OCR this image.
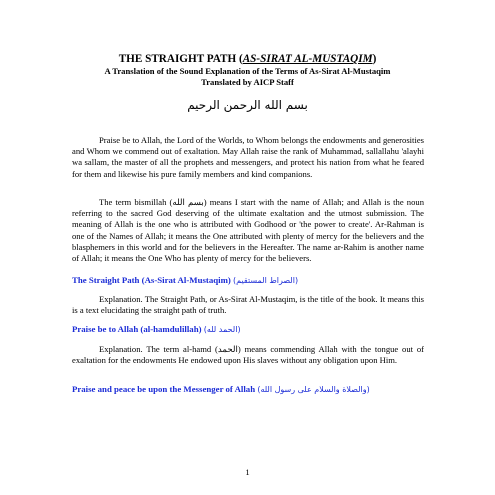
THE STRAIGHT PATH (AS-SIRAT AL-MUSTAQIM)
A Translation of the Sound Explanation of the Terms of As-Sirat Al-Mustaqim
Translated by AICP Staff
بسم الله الرحمن الرحيم
Praise be to Allah, the Lord of the Worlds, to Whom belongs the endowments and generosities and Whom we commend out of exaltation. May Allah raise the rank of Muhammad, sallallahu 'alayhi wa sallam, the master of all the prophets and messengers, and protect his nation from what he feared for them and likewise his pure family members and kind companions.
The term bismillah (بسم الله) means I start with the name of Allah; and Allah is the noun referring to the sacred God deserving of the ultimate exaltation and the utmost submission. The meaning of Allah is the one who is attributed with Godhood or 'the power to create'. Ar-Rahman is one of the Names of Allah; it means the One attributed with plenty of mercy for the believers and the blasphemers in this world and for the believers in the Hereafter. The name ar-Rahim is another name of Allah; it means the One Who has plenty of mercy for the believers.
The Straight Path (As-Sirat Al-Mustaqim) (الصراط المستقيم)
Explanation. The Straight Path, or As-Sirat Al-Mustaqim, is the title of the book. It means this is a text elucidating the straight path of truth.
Praise be to Allah (al-hamdulillah) (الحمد لله)
Explanation. The term al-hamd (الحمد) means commending Allah with the tongue out of exaltation for the endowments He endowed upon His slaves without any obligation upon Him.
Praise and peace be upon the Messenger of Allah (والصلاة والسلام على رسول الله)
1
